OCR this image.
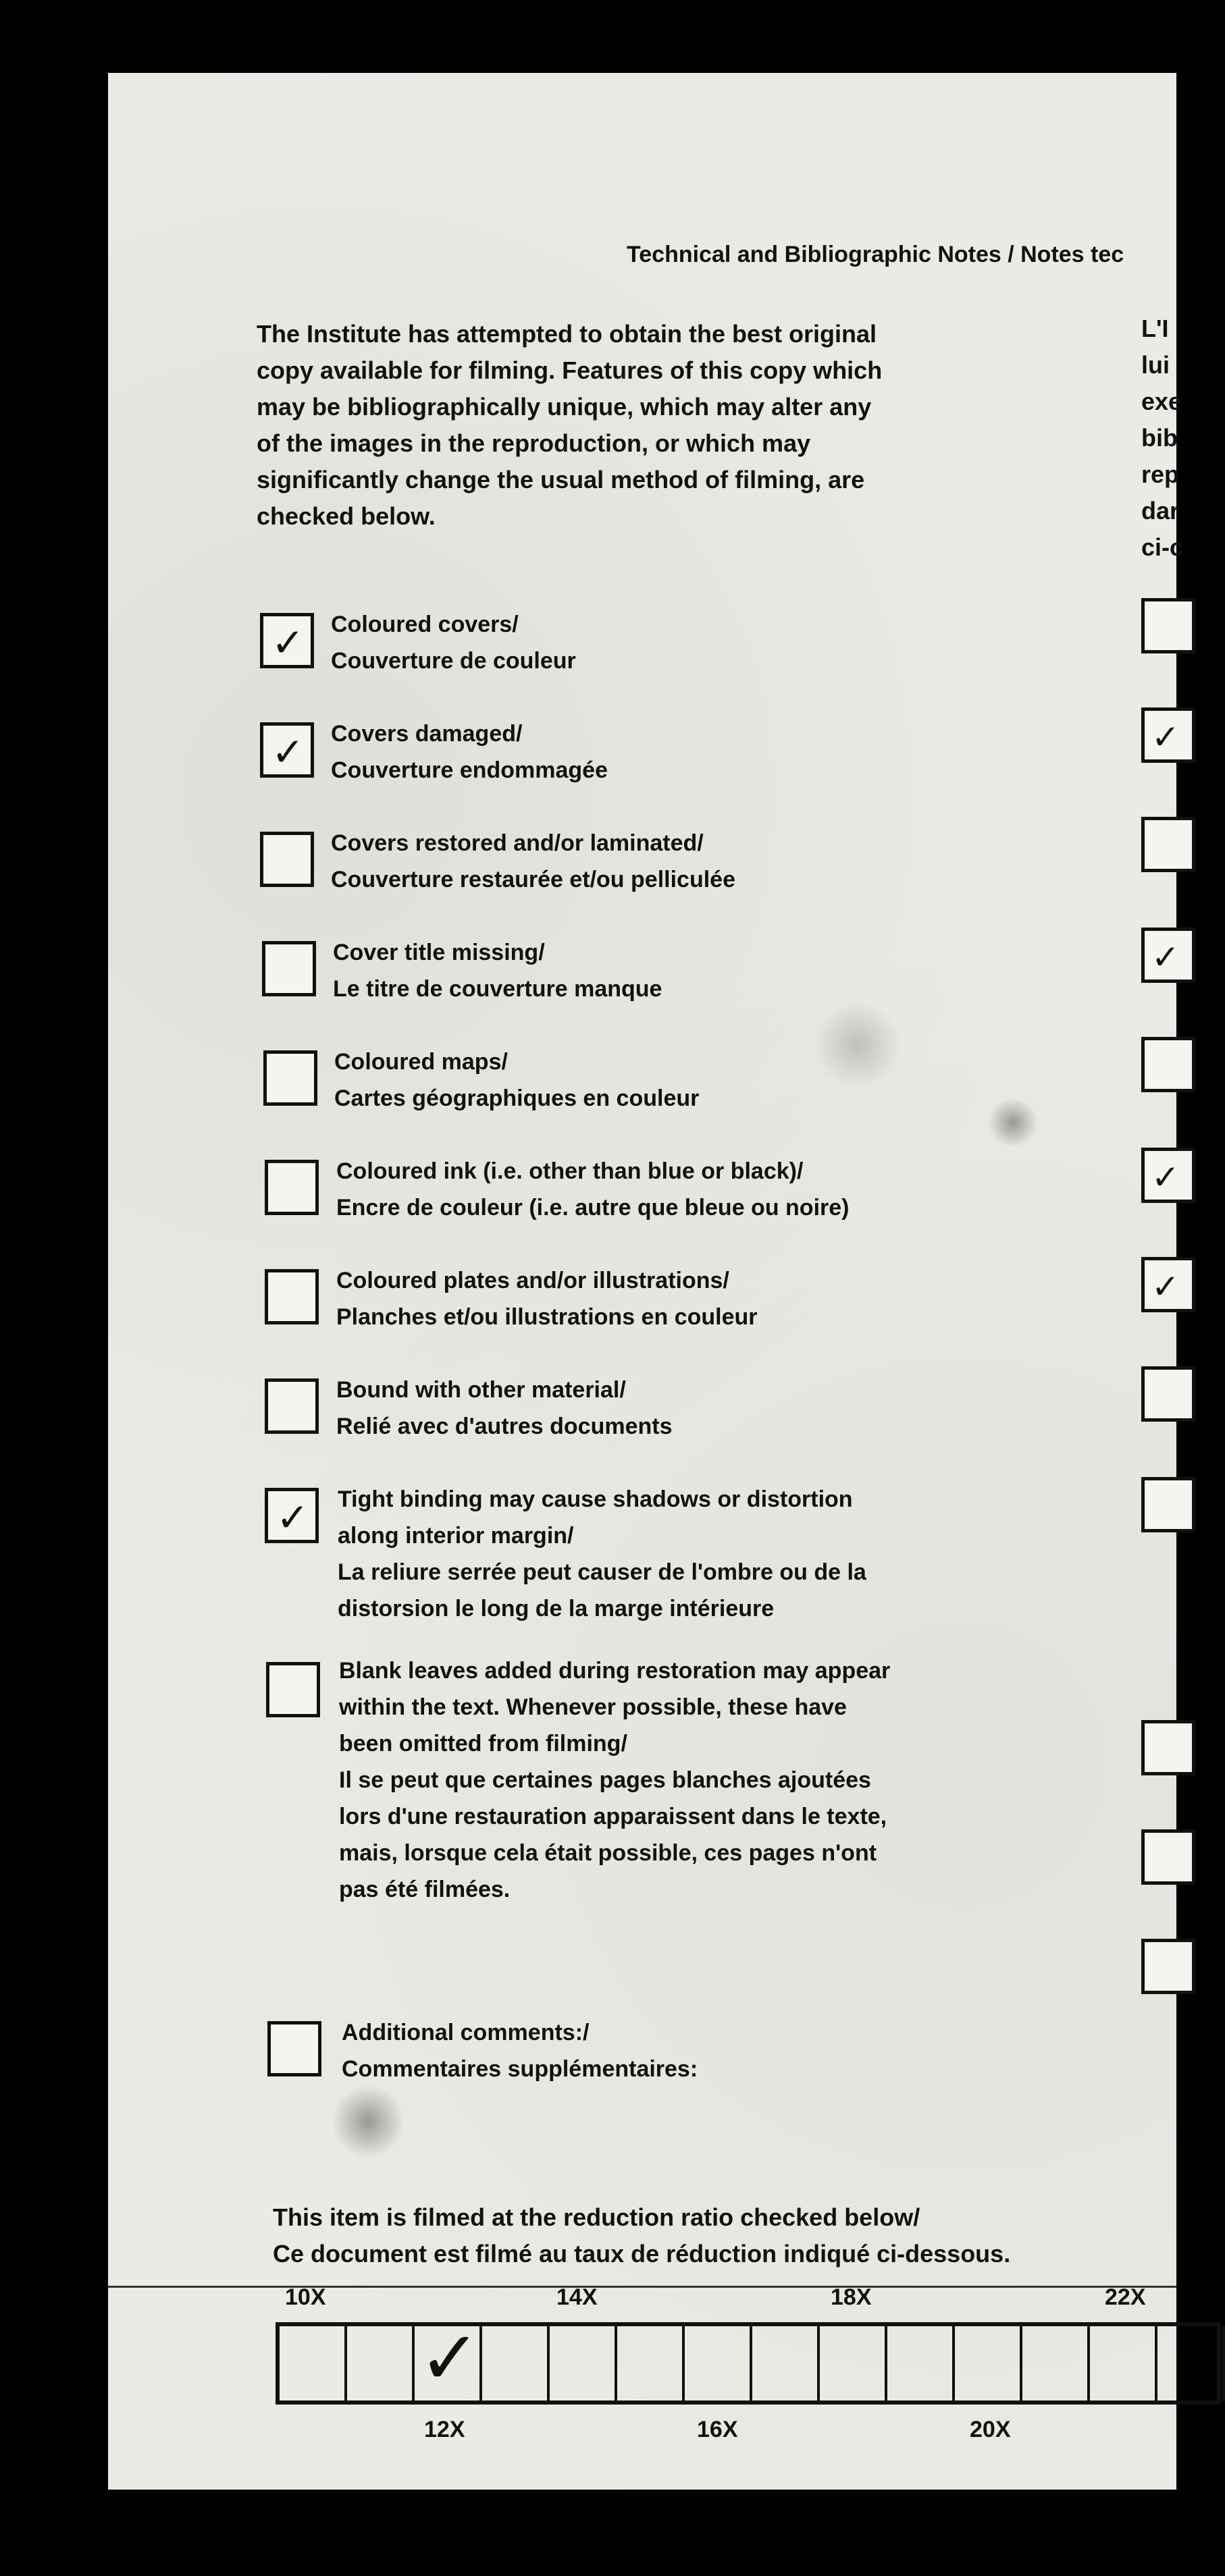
Technical and Bibliographic Notes / Notes tec
The Institute has attempted to obtain the best original
copy available for filming. Features of this copy which
may be bibliographically unique, which may alter any
of the images in the reproduction, or which may
significantly change the usual method of filming, are
checked below.
✓ Coloured covers/
Couverture de couleur
✓ Covers damaged/
Couverture endommagée
Covers restored and/or laminated/
Couverture restaurée et/ou pelliculée
Cover title missing/
Le titre de couverture manque
Coloured maps/
Cartes géographiques en couleur
Coloured ink (i.e. other than blue or black)/
Encre de couleur (i.e. autre que bleue ou noire)
Coloured plates and/or illustrations/
Planches et/ou illustrations en couleur
Bound with other material/
Relié avec d'autres documents
✓ Tight binding may cause shadows or distortion
along interior margin/
La reliure serrée peut causer de l'ombre ou de la
distorsion le long de la marge intérieure
Blank leaves added during restoration may appear
within the text. Whenever possible, these have
been omitted from filming/
Il se peut que certaines pages blanches ajoutées
lors d'une restauration apparaissent dans le texte,
mais, lorsque cela était possible, ces pages n'ont
pas été filmées.
Additional comments:/
Commentaires supplémentaires:
L'I
lui
exe
bib
rep
dar
ci-c
✓
✓
✓
✓
This item is filmed at the reduction ratio checked below/
Ce document est filmé au taux de réduction indiqué ci-dessous.
10X	14X	18X	22X
✓
12X	16X	20X
